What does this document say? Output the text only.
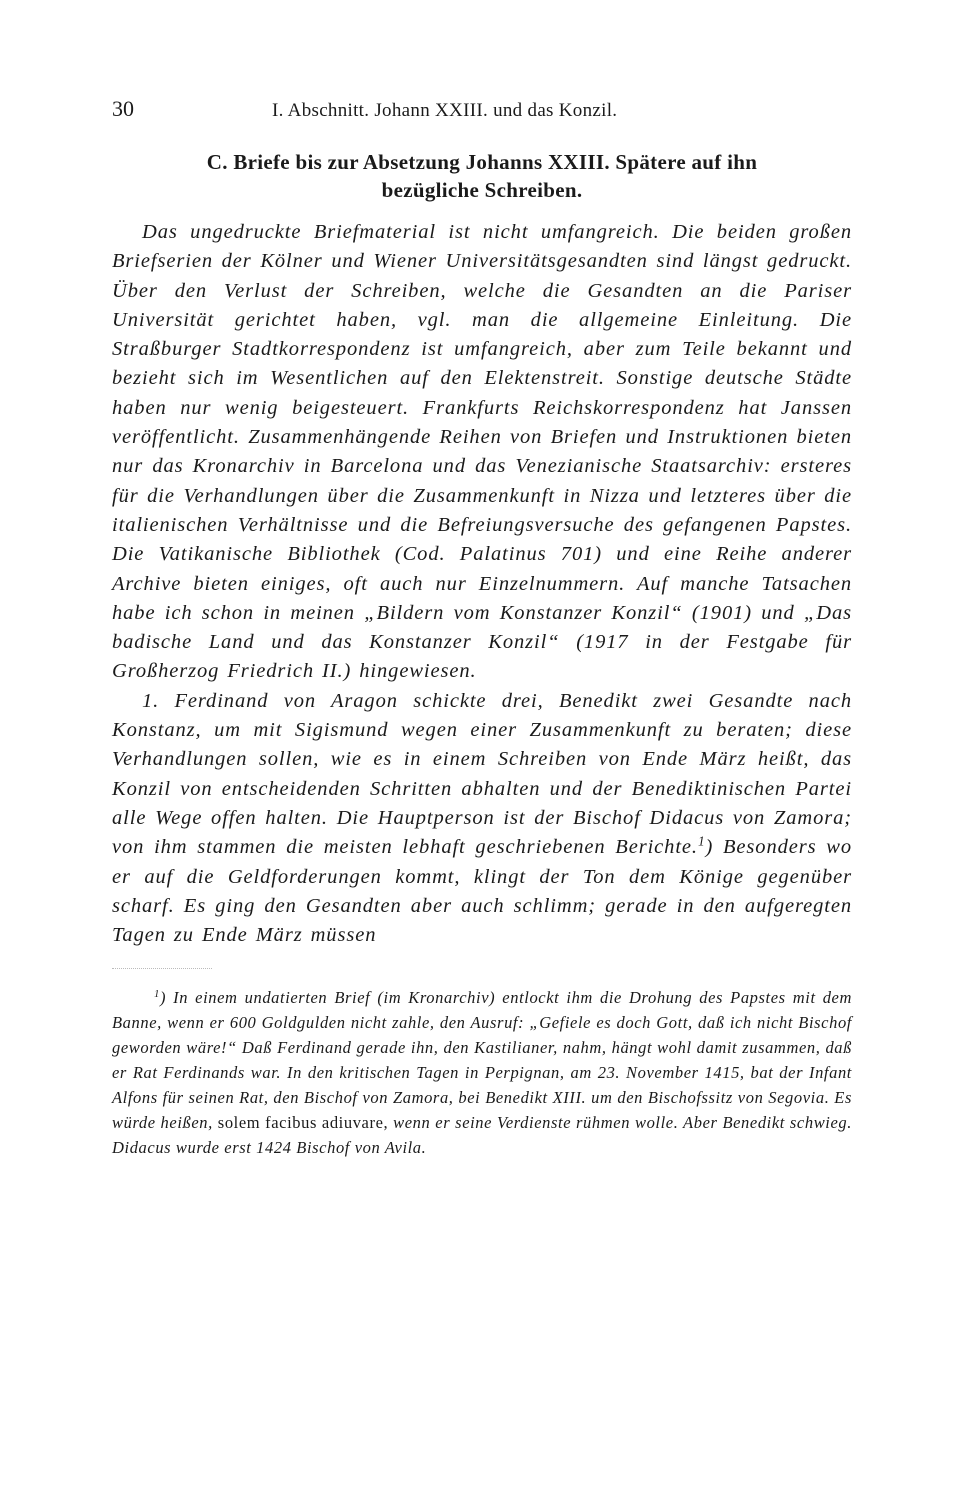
30	I. Abschnitt. Johann XXIII. und das Konzil.
C. Briefe bis zur Absetzung Johanns XXIII. Spätere auf ihn
bezügliche Schreiben.

Das ungedruckte Briefmaterial ist nicht umfangreich. Die beiden großen Briefserien der Kölner und Wiener Universitätsgesandten sind längst gedruckt. Über den Verlust der Schreiben, welche die Gesandten an die Pariser Universität gerichtet haben, vgl. man die allgemeine Einleitung. Die Straßburger Stadtkorrespondenz ist umfangreich, aber zum Teile bekannt und bezieht sich im Wesentlichen auf den Elektenstreit. Sonstige deutsche Städte haben nur wenig beigesteuert. Frankfurts Reichskorrespondenz hat Janssen veröffentlicht. Zusammenhängende Reihen von Briefen und Instruktionen bieten nur das Kronarchiv in Barcelona und das Venezianische Staatsarchiv: ersteres für die Verhandlungen über die Zusammenkunft in Nizza und letzteres über die italienischen Verhältnisse und die Befreiungsversuche des gefangenen Papstes. Die Vatikanische Bibliothek (Cod. Palatinus 701) und eine Reihe anderer Archive bieten einiges, oft auch nur Einzelnummern. Auf manche Tatsachen habe ich schon in meinen „Bildern vom Konstanzer Konzil“ (1901) und „Das badische Land und das Konstanzer Konzil“ (1917 in der Festgabe für Großherzog Friedrich II.) hingewiesen.

1. Ferdinand von Aragon schickte drei, Benedikt zwei Gesandte nach Konstanz, um mit Sigismund wegen einer Zusammenkunft zu beraten; diese Verhandlungen sollen, wie es in einem Schreiben von Ende März heißt, das Konzil von entscheidenden Schritten abhalten und der Benediktinischen Partei alle Wege offen halten. Die Hauptperson ist der Bischof Didacus von Zamora; von ihm stammen die meisten lebhaft geschriebenen Berichte.$^1$) Besonders wo er auf die Geldforderungen kommt, klingt der Ton dem Könige gegenüber scharf. Es ging den Gesandten aber auch schlimm; gerade in den aufgeregten Tagen zu Ende März müssen

$^1$) In einem undatierten Brief (im Kronarchiv) entlockt ihm die Drohung des Papstes mit dem Banne, wenn er 600 Goldgulden nicht zahle, den Ausruf: „Gefiele es doch Gott, daß ich nicht Bischof geworden wäre!“ Daß Ferdinand gerade ihn, den Kastilianer, nahm, hängt wohl damit zusammen, daß er Rat Ferdinands war. In den kritischen Tagen in Perpignan, am 23. November 1415, bat der Infant Alfons für seinen Rat, den Bischof von Zamora, bei Benedikt XIII. um den Bischofssitz von Segovia. Es würde heißen, solem facibus adiuvare, wenn er seine Verdienste rühmen wolle. Aber Benedikt schwieg. Didacus wurde erst 1424 Bischof von Avila.
